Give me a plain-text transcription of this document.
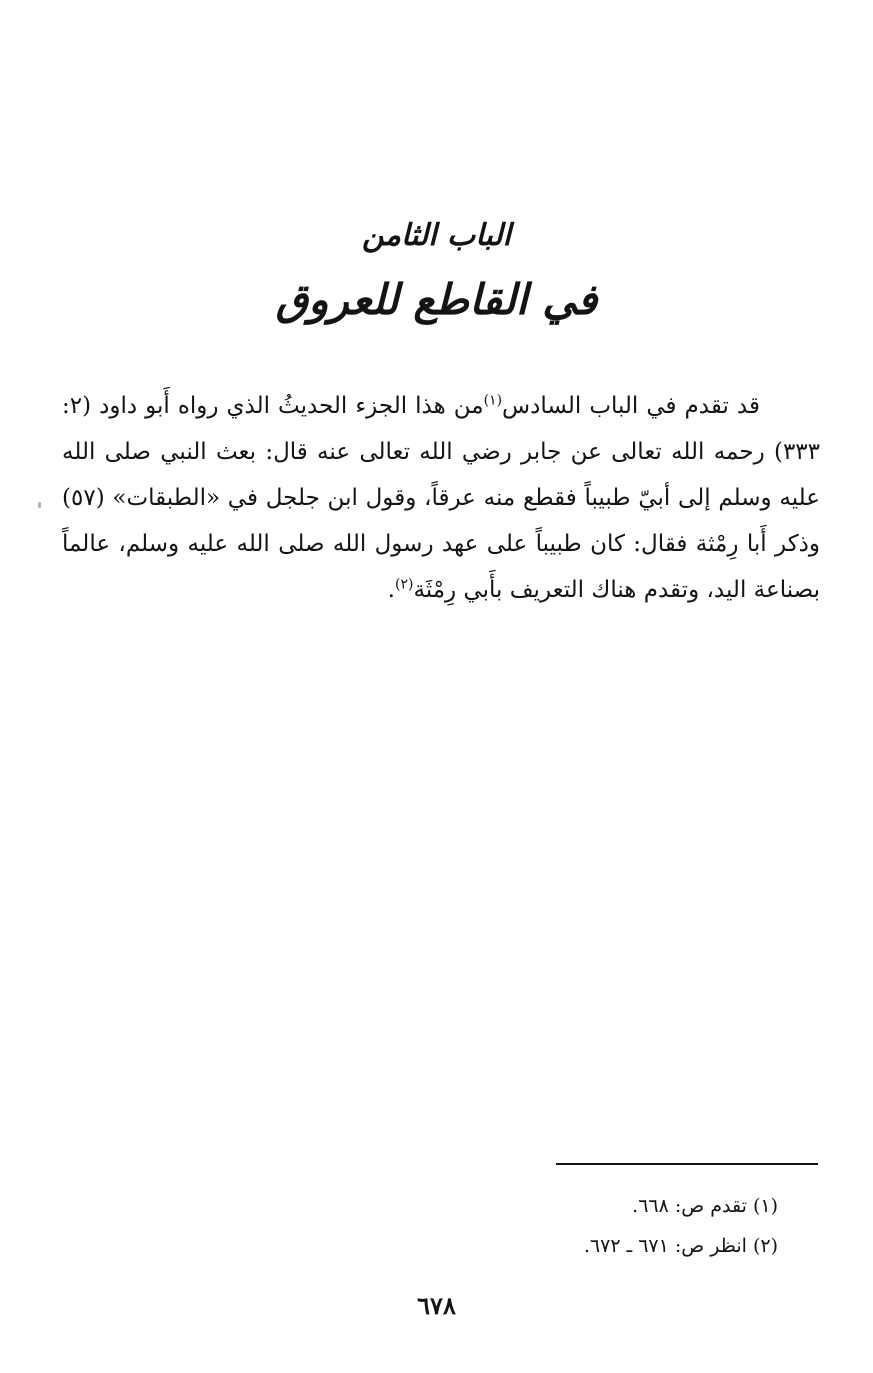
الباب الثامن
في القاطع للعروق

قد تقدم في الباب السادس$^{(١)}$من هذا الجزء الحديثُ الذي رواه أَبو داود (٢: ٣٣٣) رحمه الله تعالى عن جابر رضي الله تعالى عنه قال: بعث النبي صلى الله عليه وسلم إلى أبيّ طبيباً فقطع منه عرقاً، وقول ابن جلجل في «الطبقات» (٥٧) وذكر أَبا رِمْثة فقال: كان طبيباً على عهد رسول الله صلى الله عليه وسلم، عالماً بصناعة اليد، وتقدم هناك التعريف بأَبي رِمْثَة$^{(٢)}$.

(١) تقدم ص: ٦٦٨.
(٢) انظر ص: ٦٧١ ـ ٦٧٢.
٦٧٨
